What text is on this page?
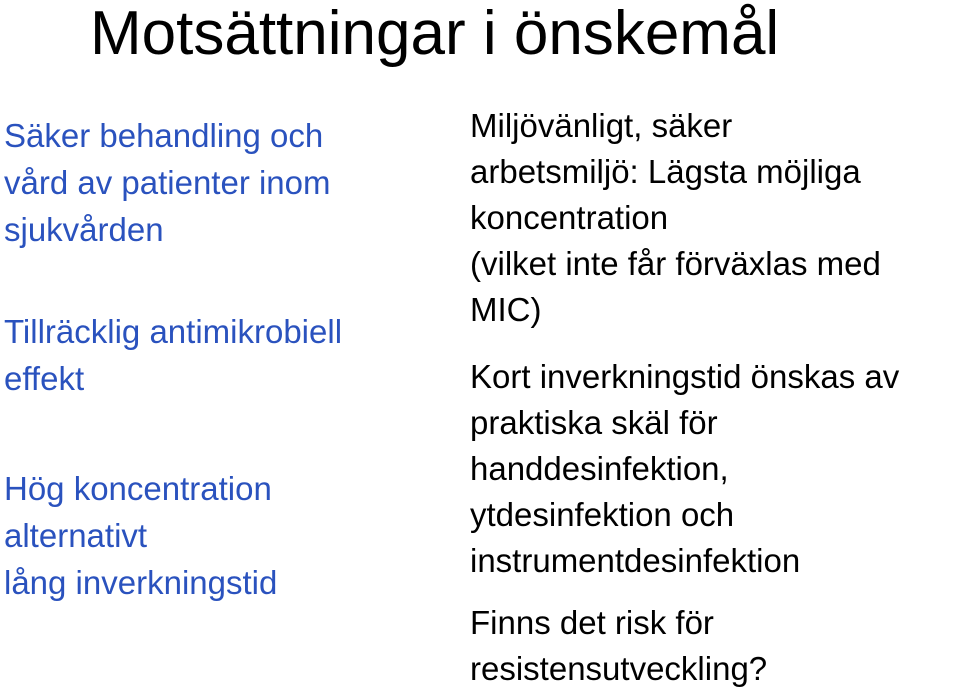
Motsättningar i önskemål
Säker behandling och
vård av patienter inom
sjukvården
Tillräcklig antimikrobiell
effekt
Hög koncentration
alternativt
lång inverkningstid
Miljövänligt, säker
arbetsmiljö: Lägsta möjliga
koncentration
(vilket inte får förväxlas med
MIC)
Kort inverkningstid önskas av
praktiska skäl för
handdesinfektion,
ytdesinfektion och
instrumentdesinfektion
Finns det risk för
resistensutveckling?
